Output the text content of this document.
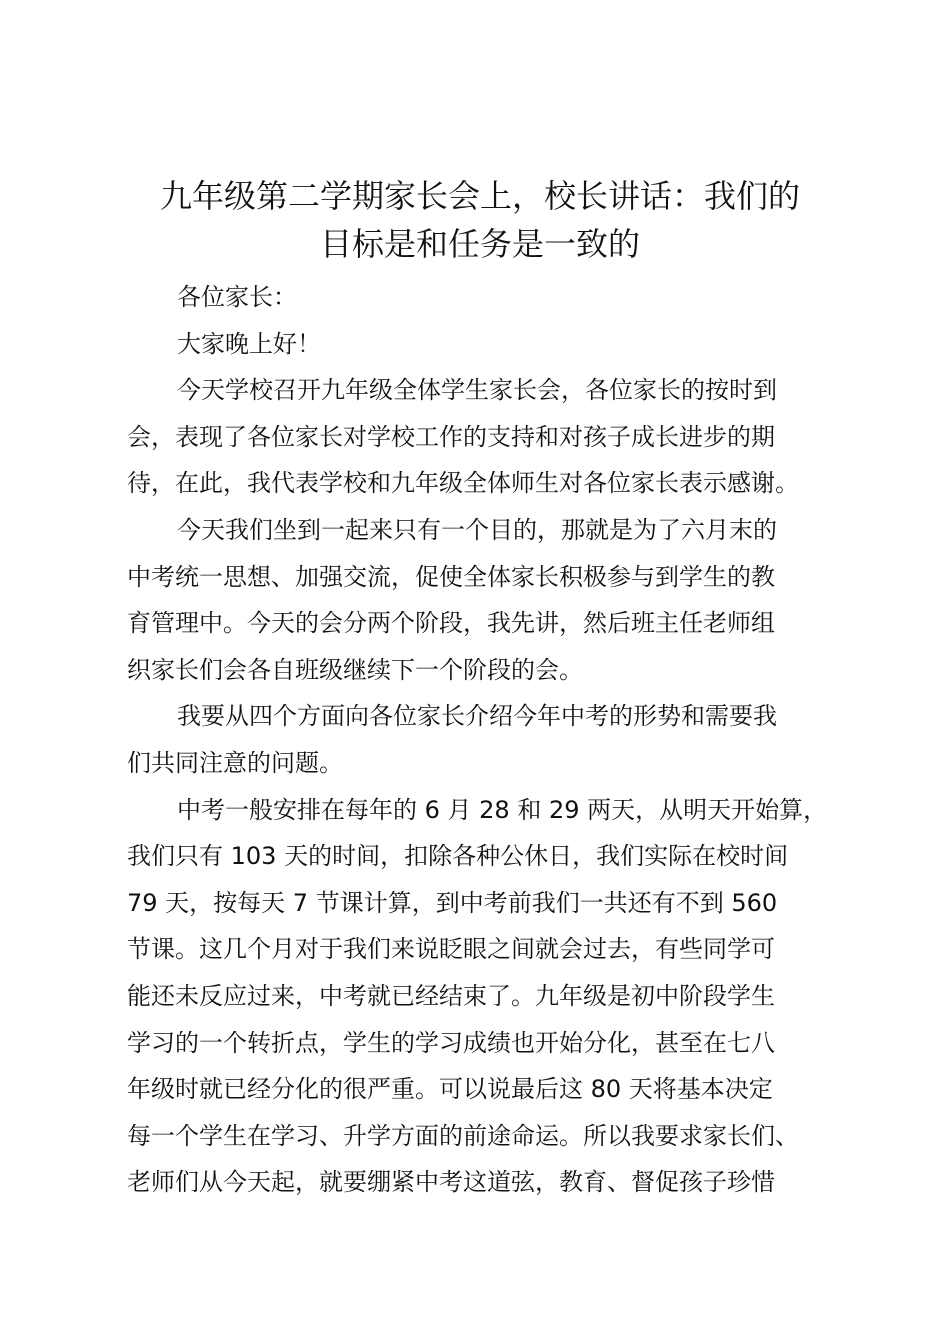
九年级第二学期家长会上，校长讲话：我们的
目标是和任务是一致的
各位家长：
大家晚上好！
今天学校召开九年级全体学生家长会，各位家长的按时到
会，表现了各位家长对学校工作的支持和对孩子成长进步的期
待，在此，我代表学校和九年级全体师生对各位家长表示感谢。
今天我们坐到一起来只有一个目的，那就是为了六月末的
中考统一思想、加强交流，促使全体家长积极参与到学生的教
育管理中。今天的会分两个阶段，我先讲，然后班主任老师组
织家长们会各自班级继续下一个阶段的会。
我要从四个方面向各位家长介绍今年中考的形势和需要我
们共同注意的问题。
中考一般安排在每年的 6 月 28 和 29 两天，从明天开始算，
我们只有 103 天的时间，扣除各种公休日，我们实际在校时间
79 天，按每天 7 节课计算，到中考前我们一共还有不到 560
节课。这几个月对于我们来说眨眼之间就会过去，有些同学可
能还未反应过来，中考就已经结束了。九年级是初中阶段学生
学习的一个转折点，学生的学习成绩也开始分化，甚至在七八
年级时就已经分化的很严重。可以说最后这 80 天将基本决定
每一个学生在学习、升学方面的前途命运。所以我要求家长们、
老师们从今天起，就要绷紧中考这道弦，教育、督促孩子珍惜
